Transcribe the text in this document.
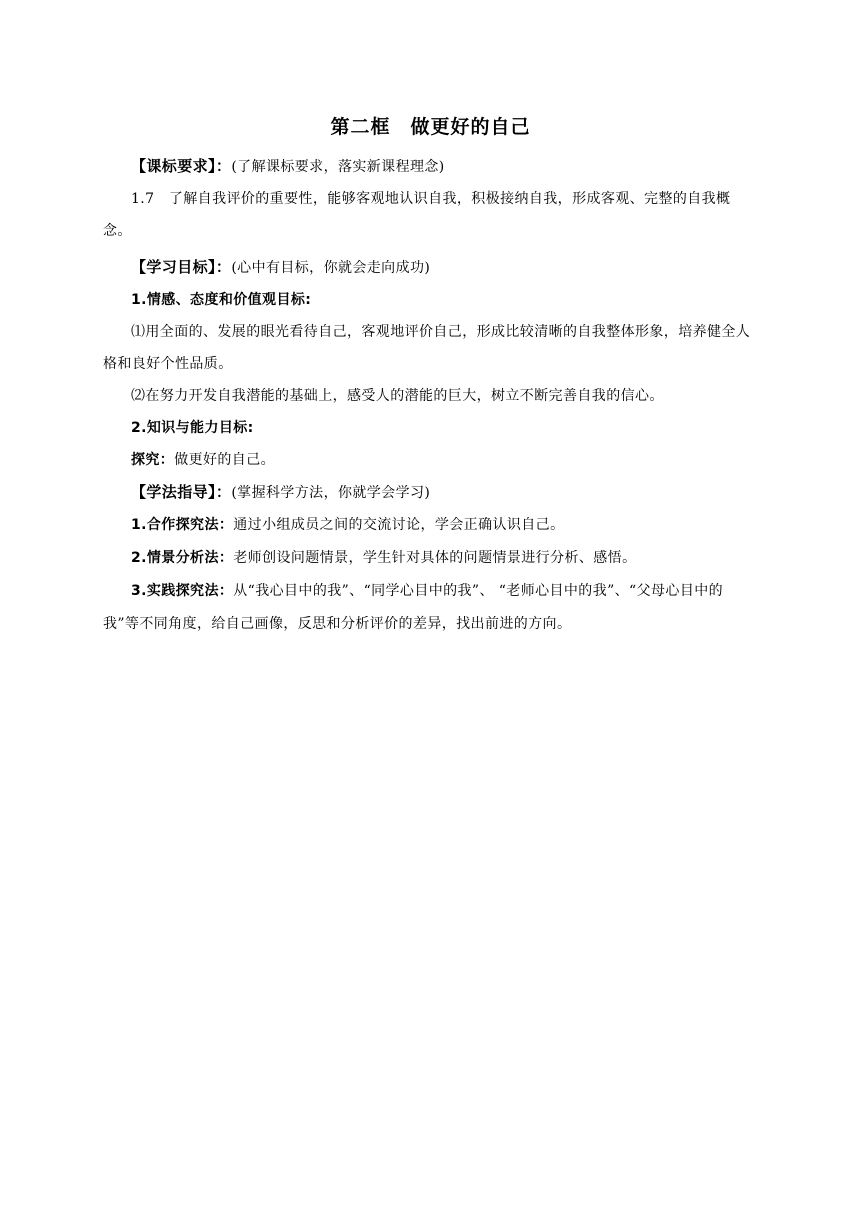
第二框　做更好的自己

【课标要求】：(了解课标要求，落实新课程理念)

1.7　了解自我评价的重要性，能够客观地认识自我，积极接纳自我，形成客观、完整的自我概念。

【学习目标】：(心中有目标，你就会走向成功)

1.情感、态度和价值观目标:

⑴用全面的、发展的眼光看待自己，客观地评价自己，形成比较清晰的自我整体形象，培养健全人格和良好个性品质。

⑵在努力开发自我潜能的基础上，感受人的潜能的巨大，树立不断完善自我的信心。

2.知识与能力目标:

探究：做更好的自己。

【学法指导】：(掌握科学方法，你就学会学习)

1.合作探究法：通过小组成员之间的交流讨论，学会正确认识自己。

2.情景分析法：老师创设问题情景，学生针对具体的问题情景进行分析、感悟。

3.实践探究法：从“我心目中的我”、“同学心目中的我”、 “老师心目中的我”、“父母心目中的我”等不同角度，给自己画像，反思和分析评价的差异，找出前进的方向。
